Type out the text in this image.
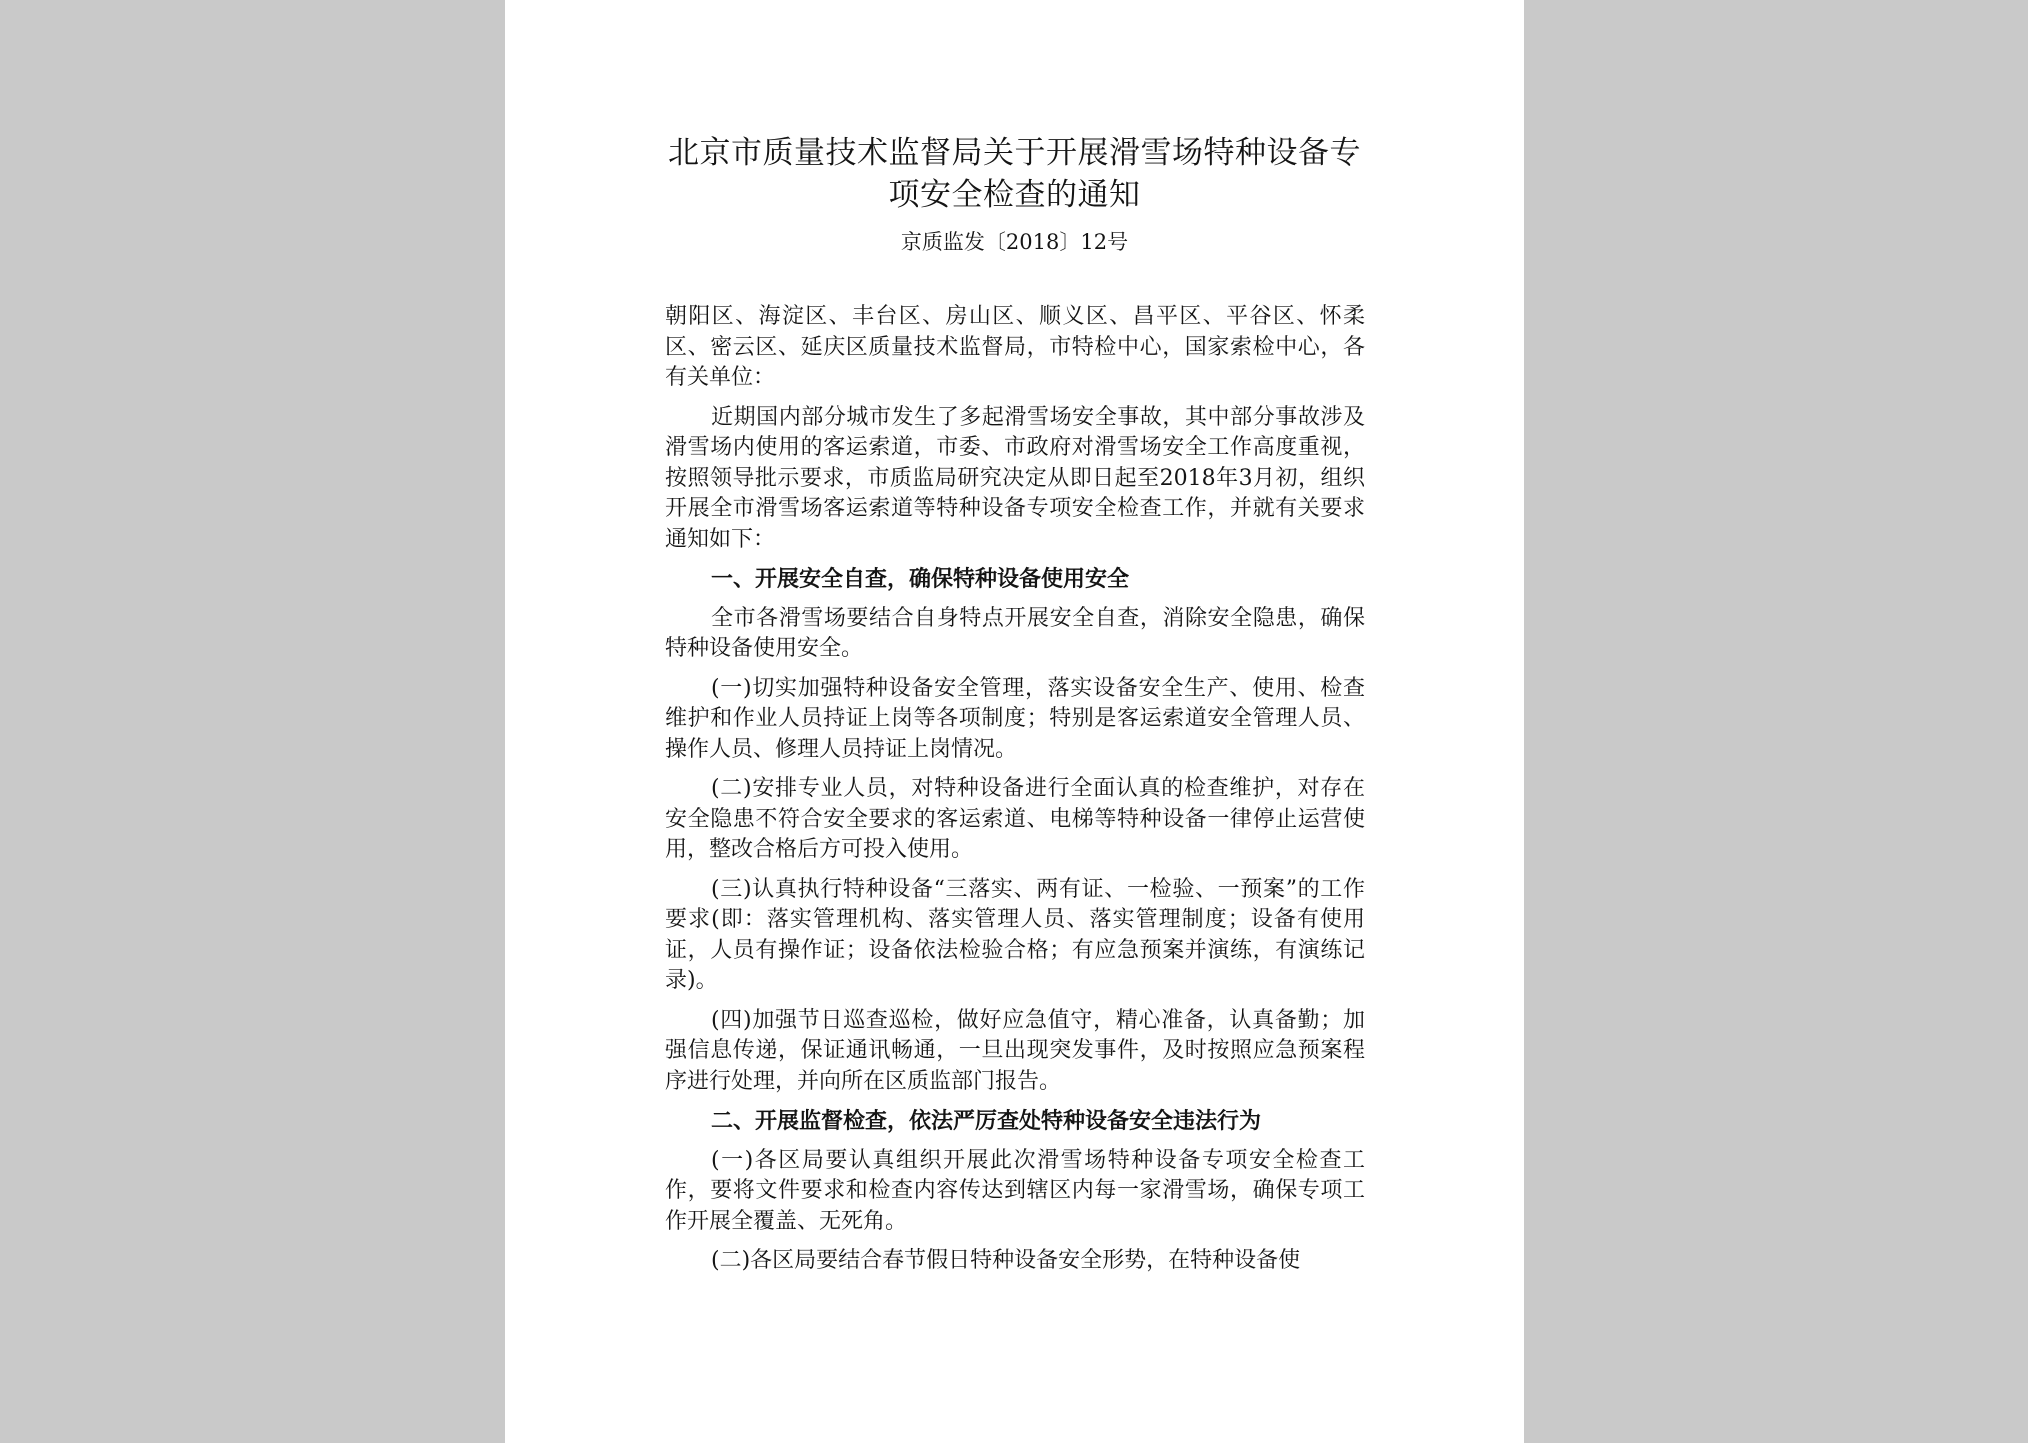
北京市质量技术监督局关于开展滑雪场特种设备专
项安全检查的通知
京质监发〔2018〕12号

朝阳区、海淀区、丰台区、房山区、顺义区、昌平区、平谷区、怀柔区、密云区、延庆区质量技术监督局，市特检中心，国家索检中心，各有关单位：

近期国内部分城市发生了多起滑雪场安全事故，其中部分事故涉及滑雪场内使用的客运索道，市委、市政府对滑雪场安全工作高度重视，按照领导批示要求，市质监局研究决定从即日起至2018年3月初，组织开展全市滑雪场客运索道等特种设备专项安全检查工作，并就有关要求通知如下：

一、开展安全自查，确保特种设备使用安全

全市各滑雪场要结合自身特点开展安全自查，消除安全隐患，确保特种设备使用安全。

(一)切实加强特种设备安全管理，落实设备安全生产、使用、检查维护和作业人员持证上岗等各项制度；特别是客运索道安全管理人员、操作人员、修理人员持证上岗情况。

(二)安排专业人员，对特种设备进行全面认真的检查维护，对存在安全隐患不符合安全要求的客运索道、电梯等特种设备一律停止运营使用，整改合格后方可投入使用。

(三)认真执行特种设备“三落实、两有证、一检验、一预案”的工作要求(即：落实管理机构、落实管理人员、落实管理制度；设备有使用证，人员有操作证；设备依法检验合格；有应急预案并演练，有演练记录)。

(四)加强节日巡查巡检，做好应急值守，精心准备，认真备勤；加强信息传递，保证通讯畅通，一旦出现突发事件，及时按照应急预案程序进行处理，并向所在区质监部门报告。

二、开展监督检查，依法严厉查处特种设备安全违法行为

(一)各区局要认真组织开展此次滑雪场特种设备专项安全检查工作，要将文件要求和检查内容传达到辖区内每一家滑雪场，确保专项工作开展全覆盖、无死角。

(二)各区局要结合春节假日特种设备安全形势，在特种设备使
